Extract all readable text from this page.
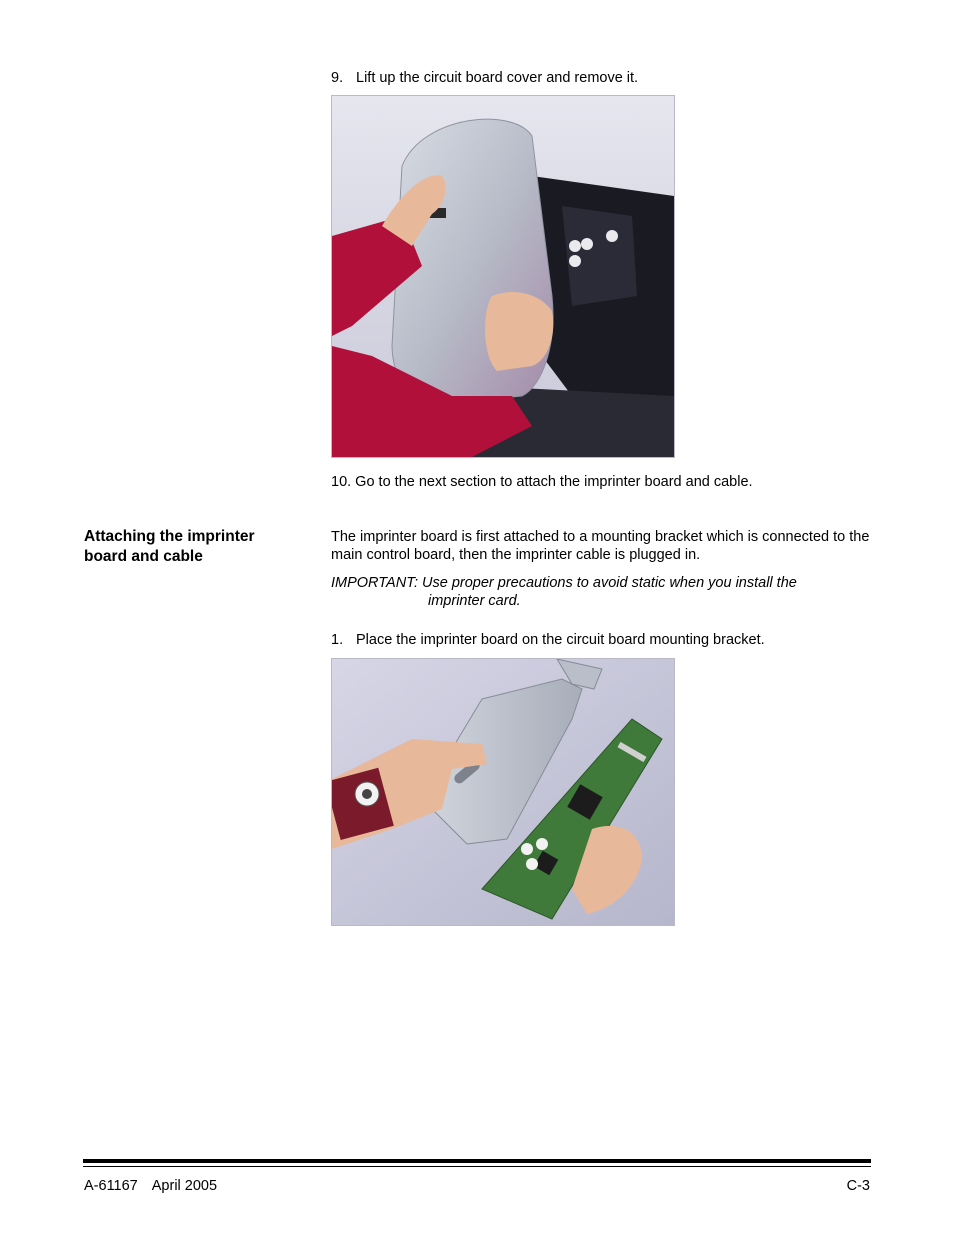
9. Lift up the circuit board cover and remove it.
10. Go to the next section to attach the imprinter board and cable.
Attaching the imprinter
board and cable
The imprinter board is first attached to a mounting bracket which is connected to the main control board, then the imprinter cable is plugged in.
IMPORTANT: Use proper precautions to avoid static when you install the
imprinter card.
1. Place the imprinter board on the circuit board mounting bracket.
A-61167 April 2005	C-3
